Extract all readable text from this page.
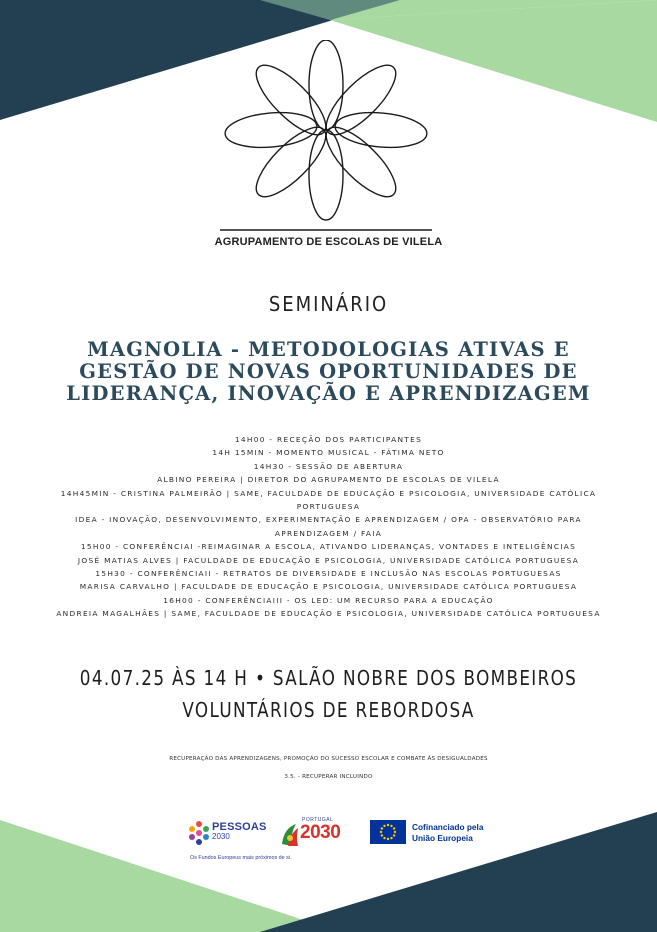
AGRUPAMENTO DE ESCOLAS DE VILELA
SEMINÁRIO
MAGNOLIA - METODOLOGIAS ATIVAS E
GESTÃO DE NOVAS OPORTUNIDADES DE
LIDERANÇA, INOVAÇÃO E APRENDIZAGEM
14H00 - RECEÇÃO DOS PARTICIPANTES
14H 15MIN - MOMENTO MUSICAL - FÁTIMA NETO
14H30 - SESSÃO DE ABERTURA
ALBINO PEREIRA | DIRETOR DO AGRUPAMENTO DE ESCOLAS DE VILELA
14H45MIN - CRISTINA PALMEIRÃO | SAME, FACULDADE DE EDUCAÇÃO E PSICOLOGIA, UNIVERSIDADE CATÓLICA PORTUGUESA
IDEA - INOVAÇÃO, DESENVOLVIMENTO, EXPERIMENTAÇÃO E APRENDIZAGEM / OPA - OBSERVATÓRIO PARA APRENDIZAGEM / FAIA
15H00 - CONFERÊNCIAI -REIMAGINAR A ESCOLA, ATIVANDO LIDERANÇAS, VONTADES E INTELIGÊNCIAS
JOSÉ MATIAS ALVES | FACULDADE DE EDUCAÇÃO E PSICOLOGIA, UNIVERSIDADE CATÓLICA PORTUGUESA
15H30 - CONFERÊNCIAII - RETRATOS DE DIVERSIDADE E INCLUSÃO NAS ESCOLAS PORTUGUESAS
MARISA CARVALHO | FACULDADE DE EDUCAÇÃO E PSICOLOGIA, UNIVERSIDADE CATÓLICA PORTUGUESA
16H00 - CONFERÊNCIAIII - OS LED: UM RECURSO PARA A EDUCAÇÃO
ANDREIA MAGALHÃES | SAME, FACULDADE DE EDUCAÇÃO E PSICOLOGIA, UNIVERSIDADE CATÓLICA PORTUGUESA
04.07.25 ÀS 14 H • SALÃO NOBRE DOS BOMBEIROS
VOLUNTÁRIOS DE REBORDOSA
RECUPERAÇÃO DAS APRENDIZAGENS, PROMOÇÃO DO SUCESSO ESCOLAR E COMBATE ÀS DESIGUALDADES
3.5. - RECUPERAR INCLUINDO
PESSOAS
2030
PORTUGAL
2030	Cofinanciado pela
União Europeia
Os Fundos Europeus mais próximos de si.
